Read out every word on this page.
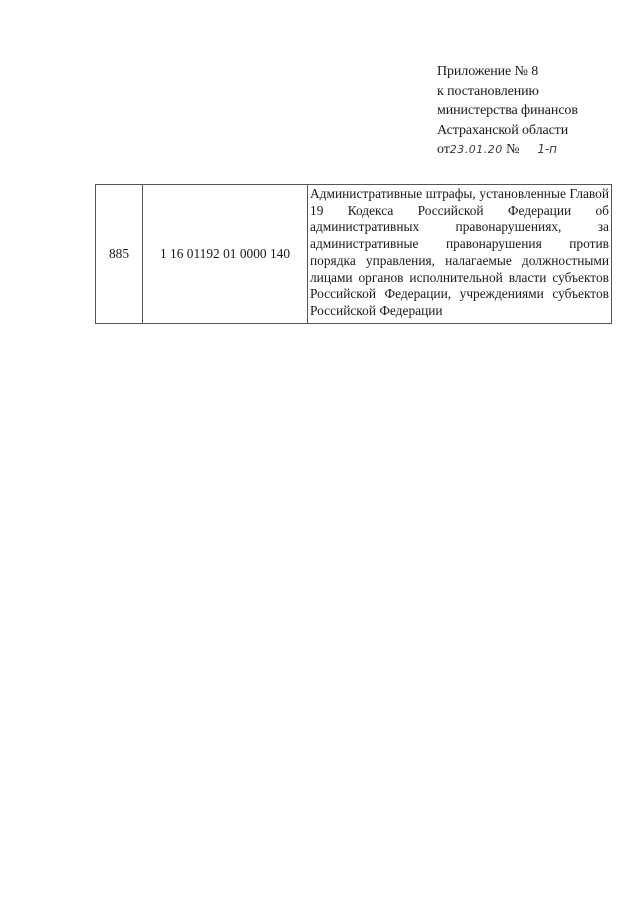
Приложение № 8
к постановлению
министерства финансов
Астраханской области
от23.01.20 № 1-п
885	1 16 01192 01 0000 140	Административные штрафы, установленные Главой 19 Кодекса Российской Федерации об административных правонарушениях, за административные правонарушения против порядка управления, налагаемые должностными лицами органов исполнительной власти субъектов Российской Федерации, учреждениями субъектов Российской Федерации
